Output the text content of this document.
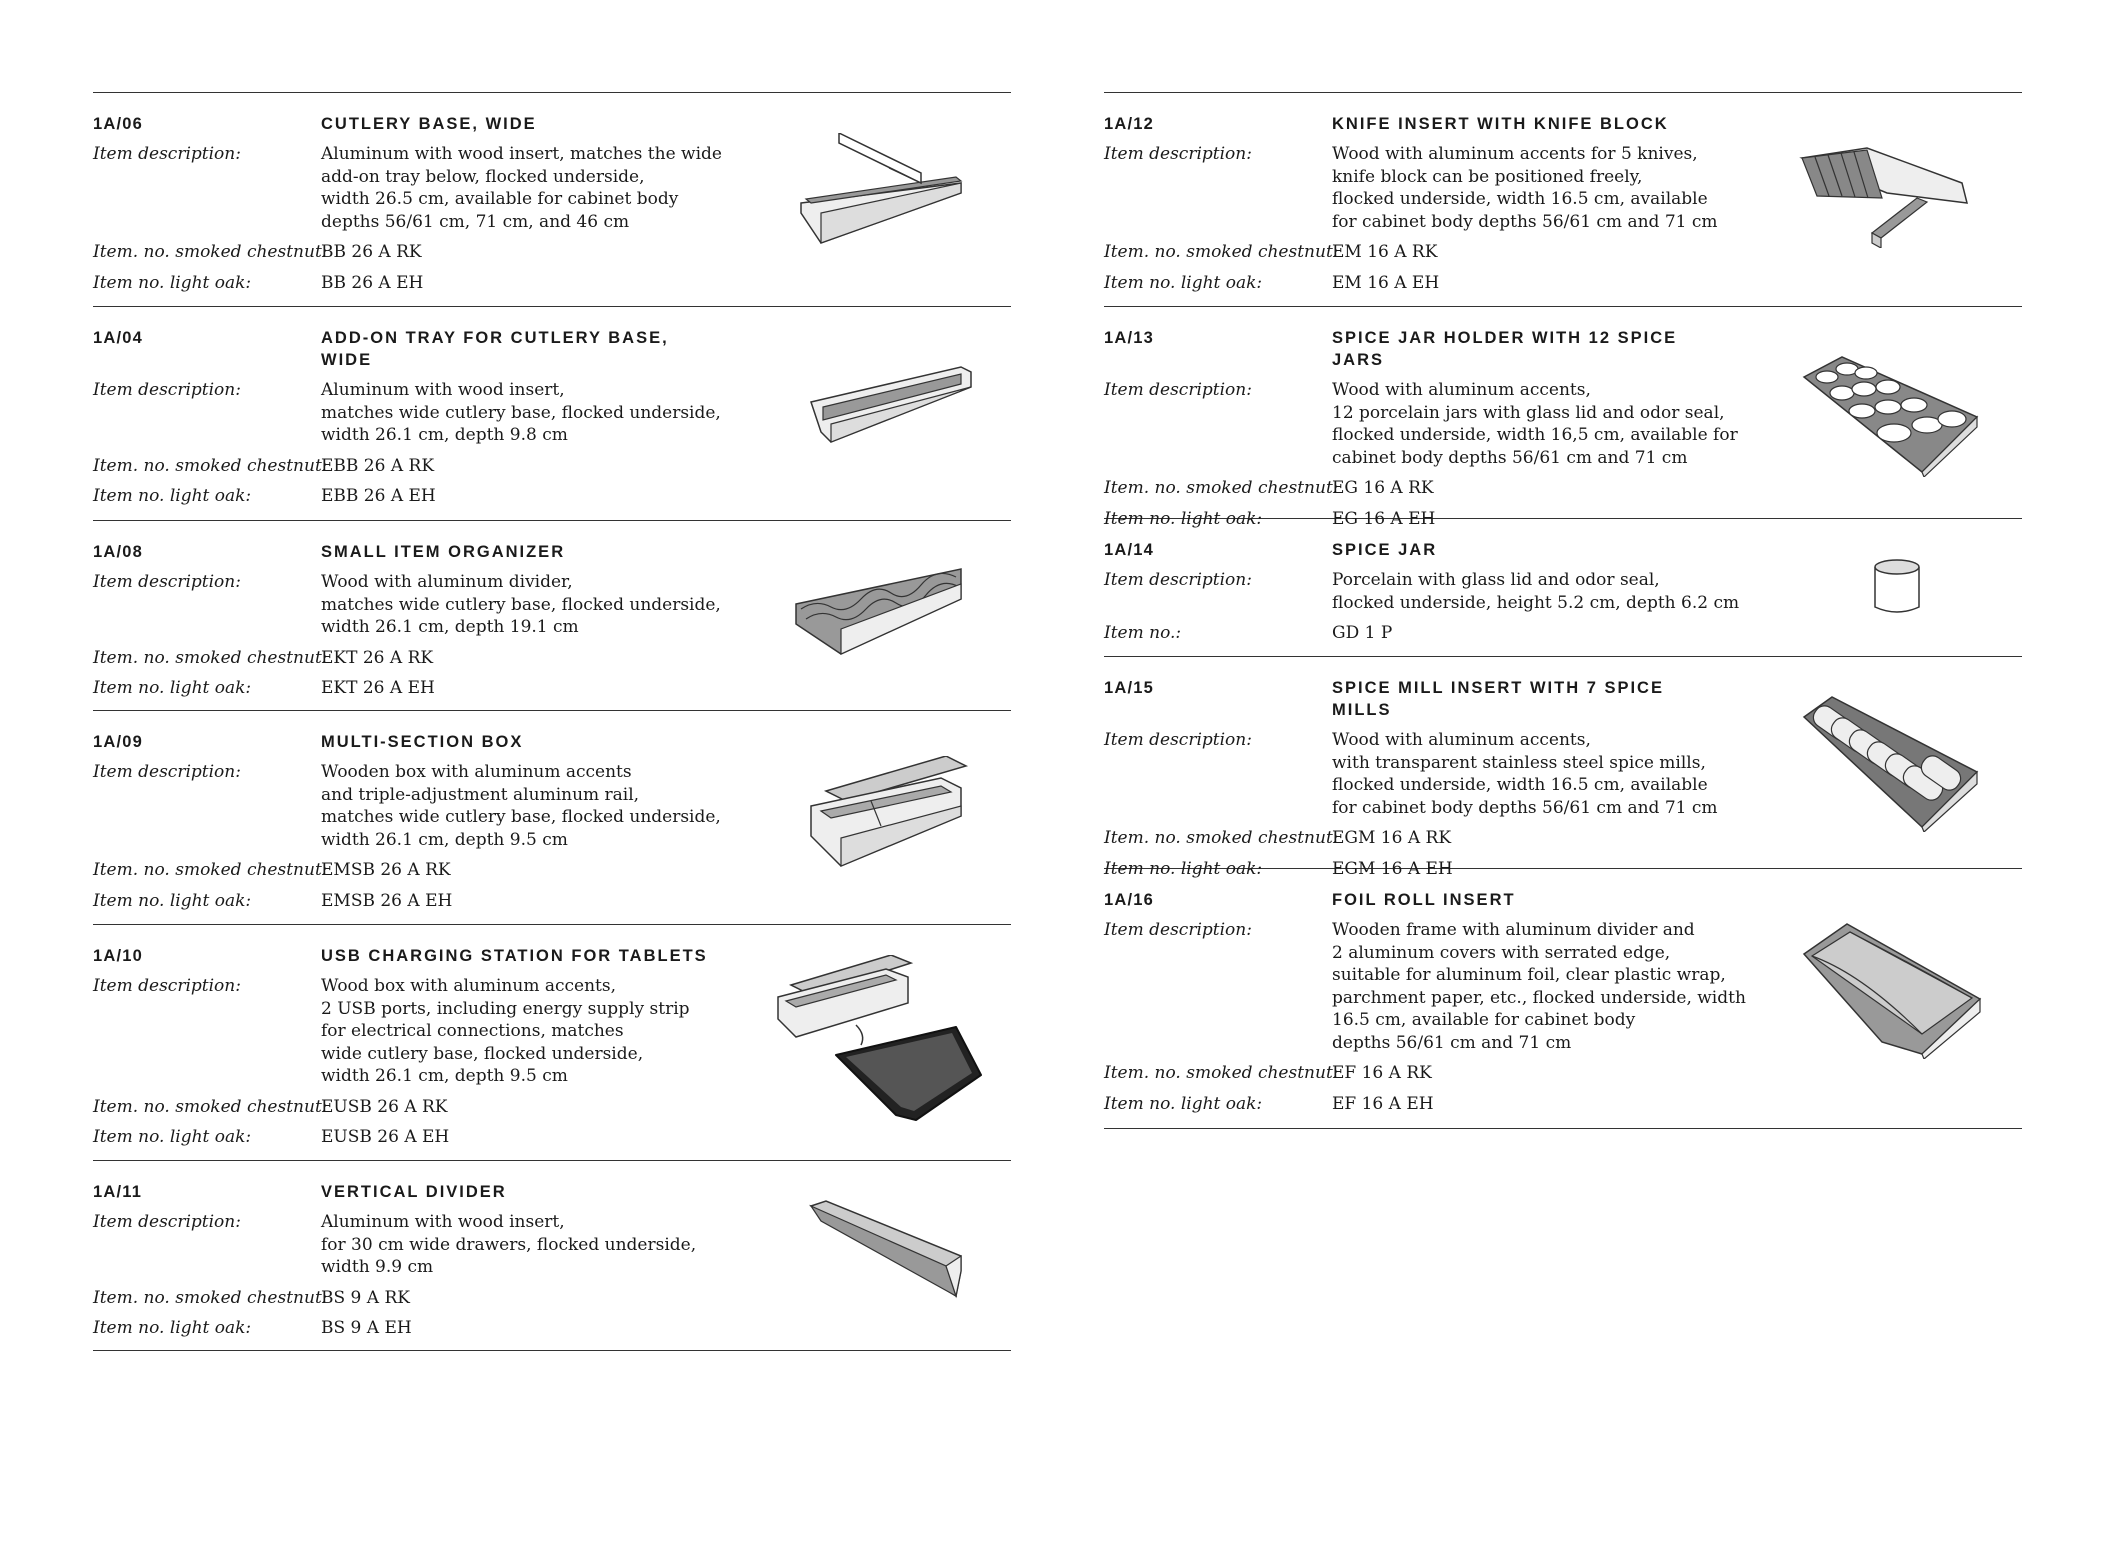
1A/06	CUTLERY BASE, WIDE
Item description:	Aluminum with wood insert, matches the wide
add-on tray below, flocked underside,
width 26.5 cm, available for cabinet body
depths 56/61 cm, 71 cm, and 46 cm
Item. no. smoked chestnut:
BB 26 A RK
Item no. light oak:	BB 26 A EH
1A/04	ADD-ON TRAY FOR CUTLERY BASE, WIDE
Item description:	Aluminum with wood insert,
matches wide cutlery base, flocked underside,
width 26.1 cm, depth 9.8 cm
Item. no. smoked chestnut:
EBB 26 A RK
Item no. light oak:	EBB 26 A EH
1A/08	SMALL ITEM ORGANIZER
Item description:	Wood with aluminum divider,
matches wide cutlery base, flocked underside,
width 26.1 cm, depth 19.1 cm
Item. no. smoked chestnut:
EKT 26 A RK
Item no. light oak:	EKT 26 A EH
1A/09	MULTI-SECTION BOX
Item description:	Wooden box with aluminum accents
and triple-adjustment aluminum rail,
matches wide cutlery base, flocked underside,
width 26.1 cm, depth 9.5 cm
Item. no. smoked chestnut:
EMSB 26 A RK
Item no. light oak:	EMSB 26 A EH
1A/10	USB CHARGING STATION FOR TABLETS
Item description:	Wood box with aluminum accents,
2 USB ports, including energy supply strip
for electrical connections, matches
wide cutlery base, flocked underside,
width 26.1 cm, depth 9.5 cm
Item. no. smoked chestnut:
EUSB 26 A RK
Item no. light oak:	EUSB 26 A EH
1A/11	VERTICAL DIVIDER
Item description:	Aluminum with wood insert,
for 30 cm wide drawers, flocked underside,
width 9.9 cm
Item. no. smoked chestnut:
BS 9 A RK
Item no. light oak:	BS 9 A EH
1A/12	KNIFE INSERT WITH KNIFE BLOCK
Item description:	Wood with aluminum accents for 5 knives,
knife block can be positioned freely,
flocked underside, width 16.5 cm, available
for cabinet body depths 56/61 cm and 71 cm
Item. no. smoked chestnut:
EM 16 A RK
Item no. light oak:	EM 16 A EH
1A/13	SPICE JAR HOLDER WITH 12 SPICE JARS
Item description:	Wood with aluminum accents,
12 porcelain jars with glass lid and odor seal,
flocked underside, width 16,5 cm, available for
cabinet body depths 56/61 cm and 71 cm
Item. no. smoked chestnut:
EG 16 A RK
Item no. light oak:	EG 16 A EH
1A/14	SPICE JAR
Item description:	Porcelain with glass lid and odor seal,
flocked underside, height 5.2 cm, depth 6.2 cm
Item no.:	GD 1 P
1A/15	SPICE MILL INSERT WITH 7 SPICE MILLS
Item description:	Wood with aluminum accents,
with transparent stainless steel spice mills,
flocked underside, width 16.5 cm, available
for cabinet body depths 56/61 cm and 71 cm
Item. no. smoked chestnut:
EGM 16 A RK
Item no. light oak:	EGM 16 A EH
1A/16	FOIL ROLL INSERT
Item description:	Wooden frame with aluminum divider and
2 aluminum covers with serrated edge,
suitable for aluminum foil, clear plastic wrap,
parchment paper, etc., flocked underside, width
16.5 cm, available for cabinet body
depths 56/61 cm and 71 cm
Item. no. smoked chestnut:
EF 16 A RK
Item no. light oak:	EF 16 A EH
